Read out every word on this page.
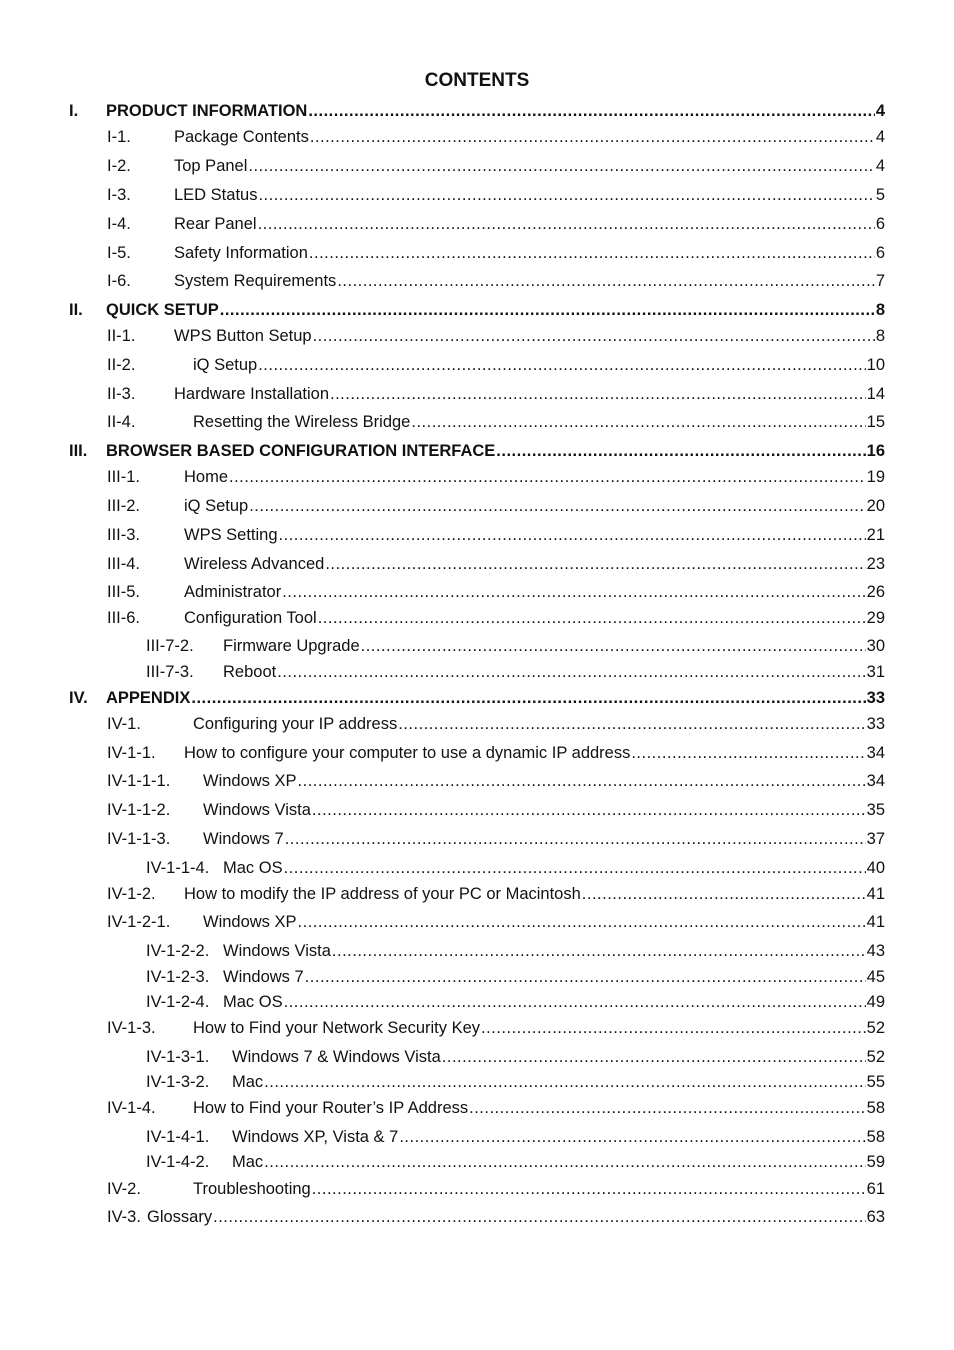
CONTENTS
I.	PRODUCT INFORMATION .....	4
I-1.	Package Contents .....	4
I-2.	Top Panel .....	4
I-3.	LED Status .....	5
I-4.	Rear Panel .....	6
I-5.	Safety Information .....	6
I-6.	System Requirements .....	7
II.	QUICK SETUP .....	8
II-1.	WPS Button Setup .....	8
II-2.	iQ Setup .....	10
II-3.	Hardware Installation .....	14
II-4.	Resetting the Wireless Bridge .....	15
III.	BROWSER BASED CONFIGURATION INTERFACE .....	16
III-1.	Home .....	19
III-2.	iQ Setup .....	20
III-3.	WPS Setting .....	21
III-4.	Wireless Advanced .....	23
III-5.	Administrator .....	26
III-6.	Configuration Tool .....	29
III-7-2.	Firmware Upgrade .....	30
III-7-3.	Reboot .....	31
IV.	APPENDIX .....	33
IV-1.	Configuring your IP address .....	33
IV-1-1.	How to configure your computer to use a dynamic IP address .....	34
IV-1-1-1.	Windows XP .....	34
IV-1-1-2.	Windows Vista .....	35
IV-1-1-3.	Windows 7 .....	37
IV-1-1-4. Mac OS .....	40
IV-1-2.	How to modify the IP address of your PC or Macintosh .....	41
IV-1-2-1.	Windows XP .....	41
IV-1-2-2. Windows Vista .....	43
IV-1-2-3. Windows 7 .....	45
IV-1-2-4. Mac OS .....	49
IV-1-3.	How to Find your Network Security Key .....	52
IV-1-3-1.	Windows 7 & Windows Vista .....	52
IV-1-3-2.	Mac .....	55
IV-1-4.	How to Find your Router’s IP Address .....	58
IV-1-4-1.	Windows XP, Vista & 7 .....	58
IV-1-4-2.	Mac .....	59
IV-2.	Troubleshooting .....	61
IV-3. Glossary .....	63
